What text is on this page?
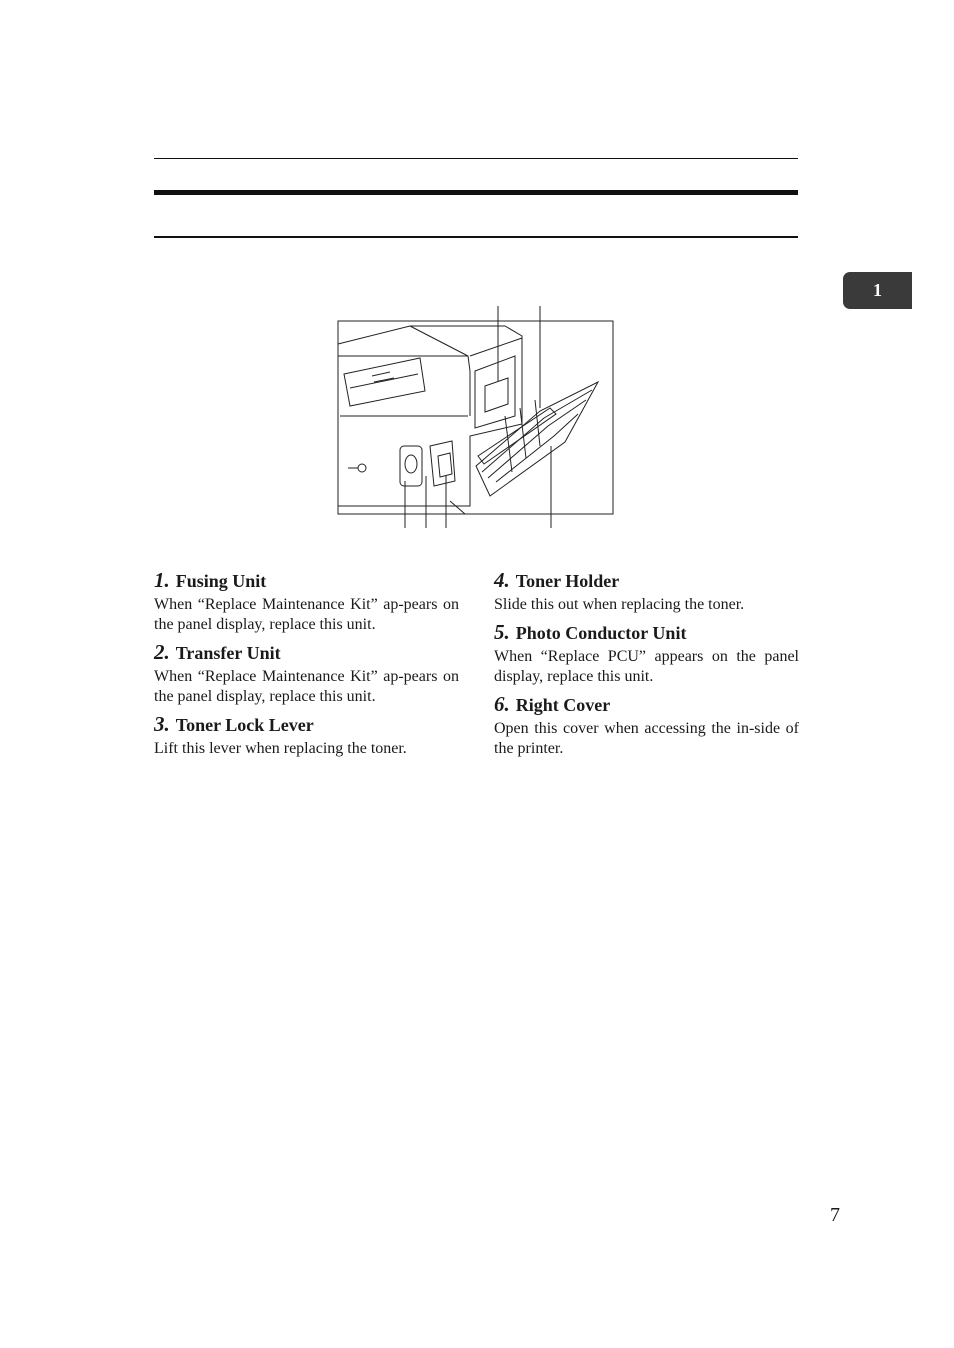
1
1. Fusing Unit

When “Replace Maintenance Kit” ap-pears on the panel display, replace this unit.

2. Transfer Unit

When “Replace Maintenance Kit” ap-pears on the panel display, replace this unit.

3. Toner Lock Lever

Lift this lever when replacing the toner.

4. Toner Holder

Slide this out when replacing the toner.

5. Photo Conductor Unit

When “Replace PCU” appears on the panel display, replace this unit.

6. Right Cover

Open this cover when accessing the in-side of the printer.

7
